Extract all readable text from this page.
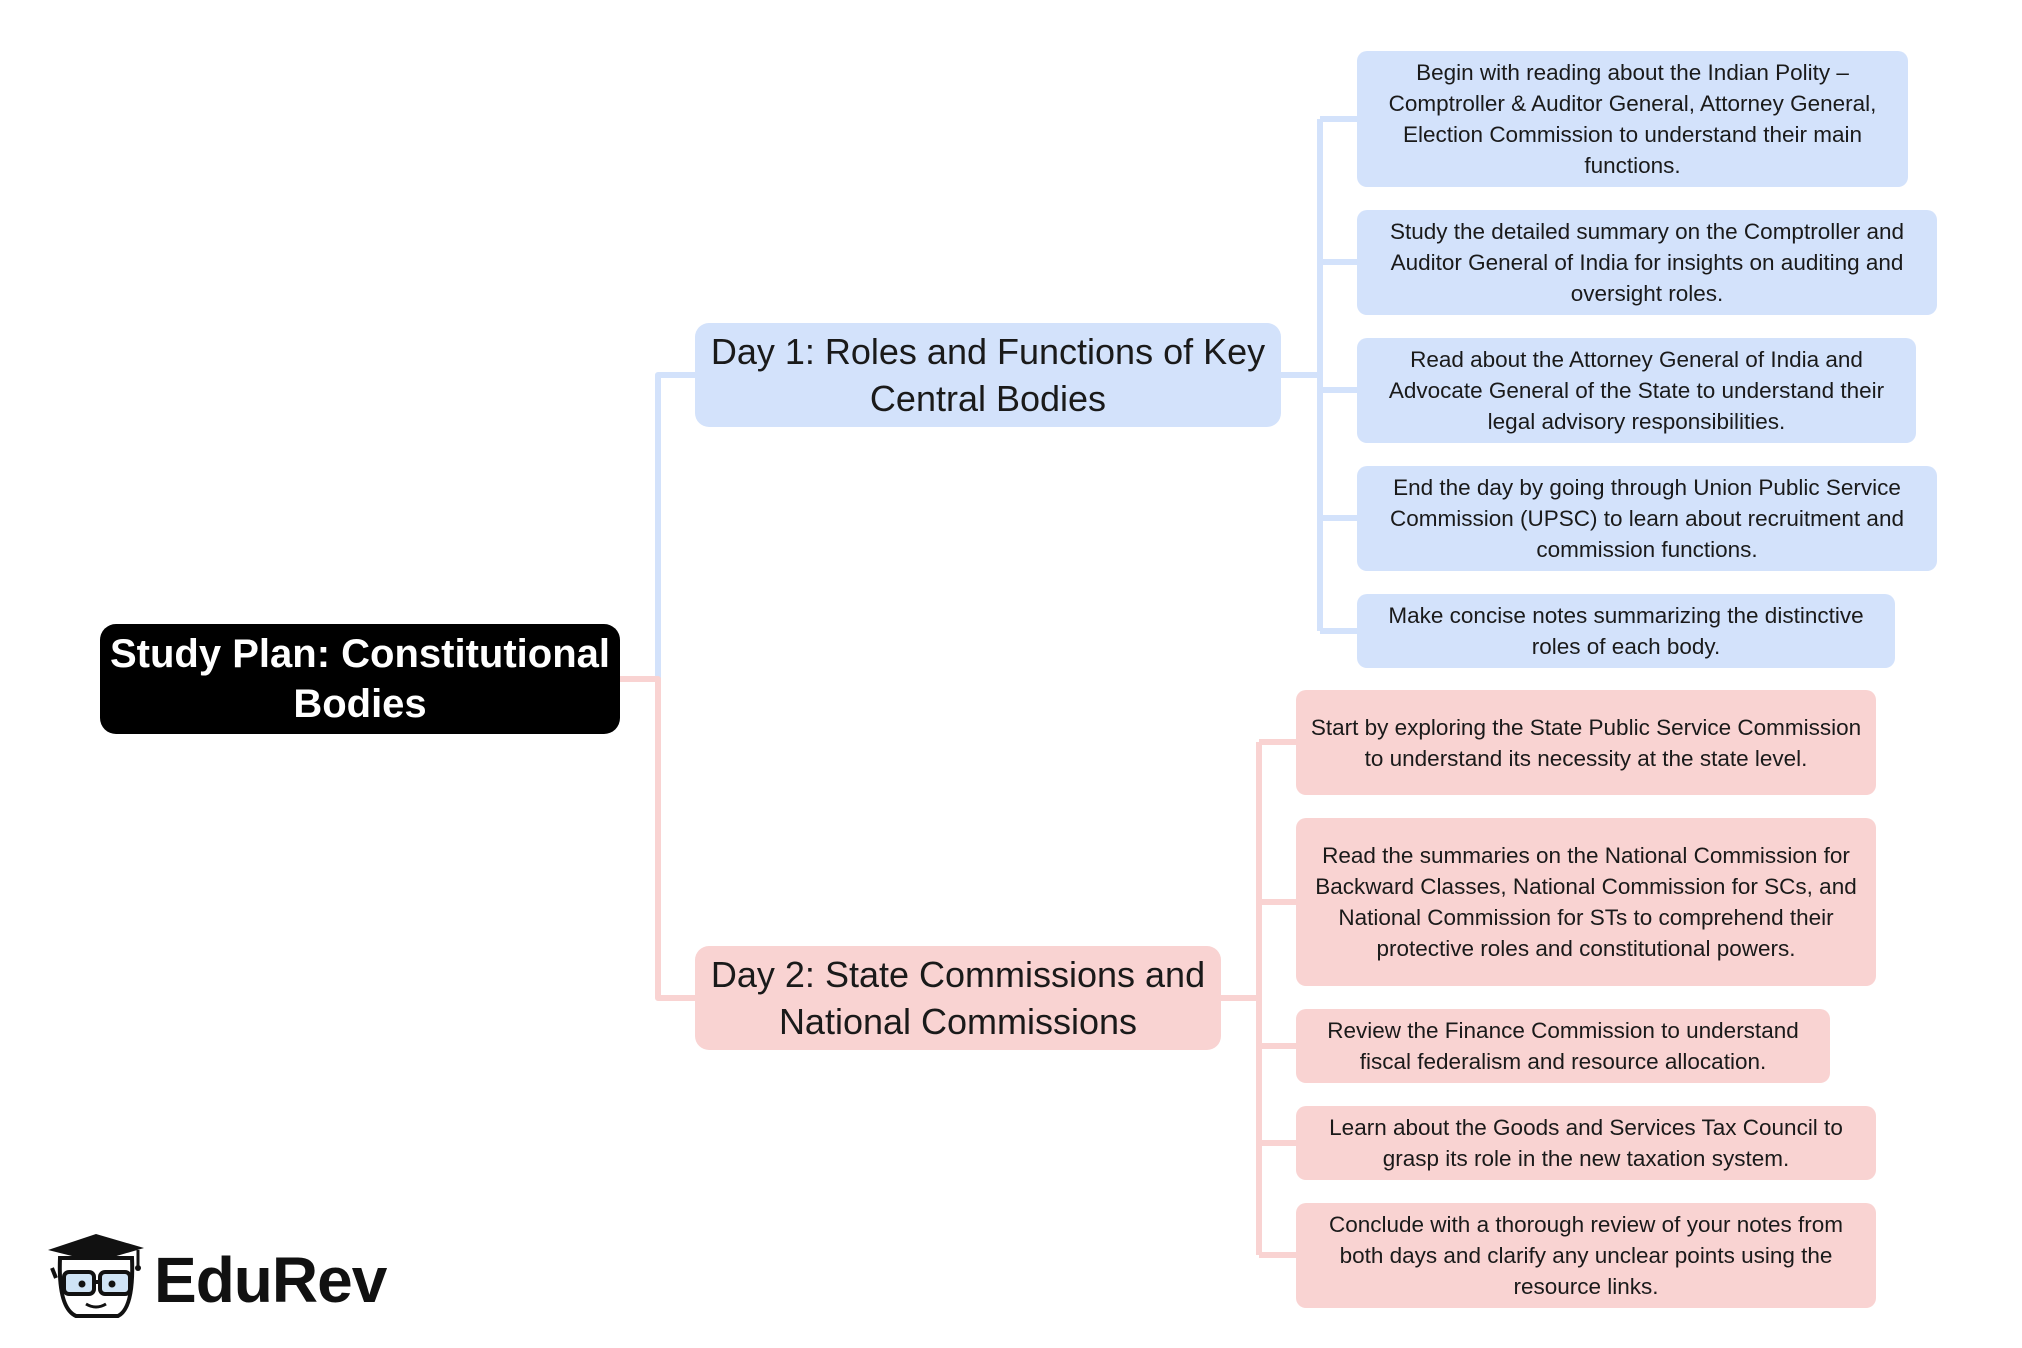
Study Plan: Constitutional Bodies
Day 1: Roles and Functions of Key Central Bodies
Day 2: State Commissions and National Commissions
Begin with reading about the Indian Polity – Comptroller & Auditor General, Attorney General, Election Commission to understand their main functions.
Study the detailed summary on the Comptroller and Auditor General of India for insights on auditing and oversight roles.
Read about the Attorney General of India and Advocate General of the State to understand their legal advisory responsibilities.
End the day by going through Union Public Service Commission (UPSC) to learn about recruitment and commission functions.
Make concise notes summarizing the distinctive roles of each body.
Start by exploring the State Public Service Commission to understand its necessity at the state level.
Read the summaries on the National Commission for Backward Classes, National Commission for SCs, and National Commission for STs to comprehend their protective roles and constitutional powers.
Review the Finance Commission to understand fiscal federalism and resource allocation.
Learn about the Goods and Services Tax Council to grasp its role in the new taxation system.
Conclude with a thorough review of your notes from both days and clarify any unclear points using the resource links.
EduRev
